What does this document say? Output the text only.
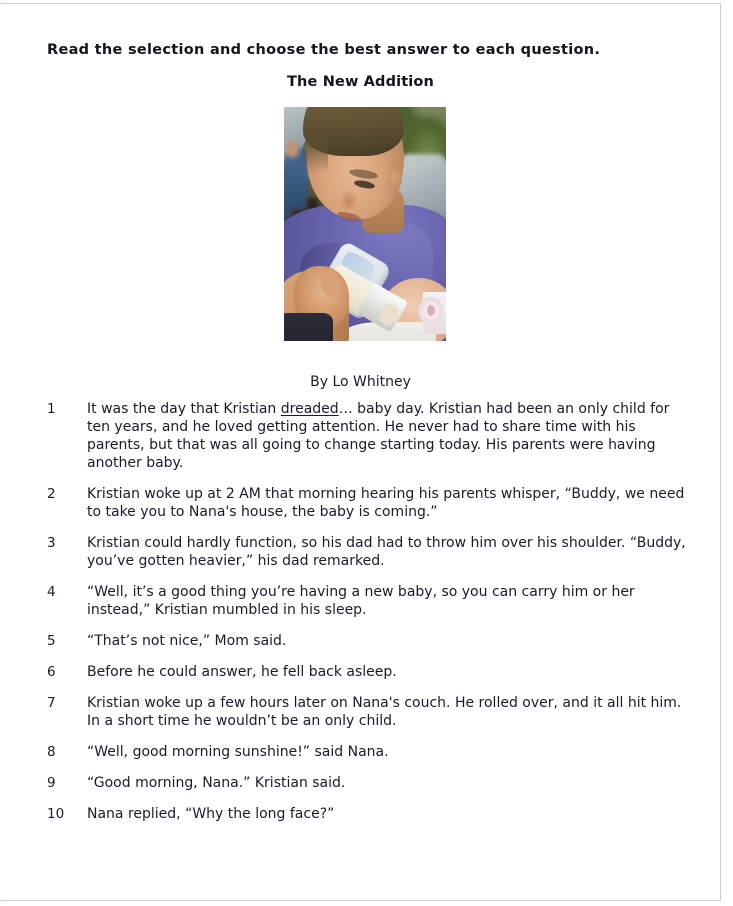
Read the selection and choose the best answer to each question.
The New Addition
By Lo Whitney
1	It was the day that Kristian dreaded… baby day. Kristian had been an only child for ten years, and he loved getting attention. He never had to share time with his parents, but that was all going to change starting today. His parents were having another baby.
2	Kristian woke up at 2 AM that morning hearing his parents whisper, “Buddy, we need to take you to Nana's house, the baby is coming.”
3	Kristian could hardly function, so his dad had to throw him over his shoulder. “Buddy, you’ve gotten heavier,” his dad remarked.
4	“Well, it’s a good thing you’re having a new baby, so you can carry him or her instead,” Kristian mumbled in his sleep.
5	“That’s not nice,” Mom said.
6	Before he could answer, he fell back asleep.
7	Kristian woke up a few hours later on Nana's couch. He rolled over, and it all hit him. In a short time he wouldn’t be an only child.
8	“Well, good morning sunshine!” said Nana.
9	“Good morning, Nana.” Kristian said.
10	Nana replied, “Why the long face?”
